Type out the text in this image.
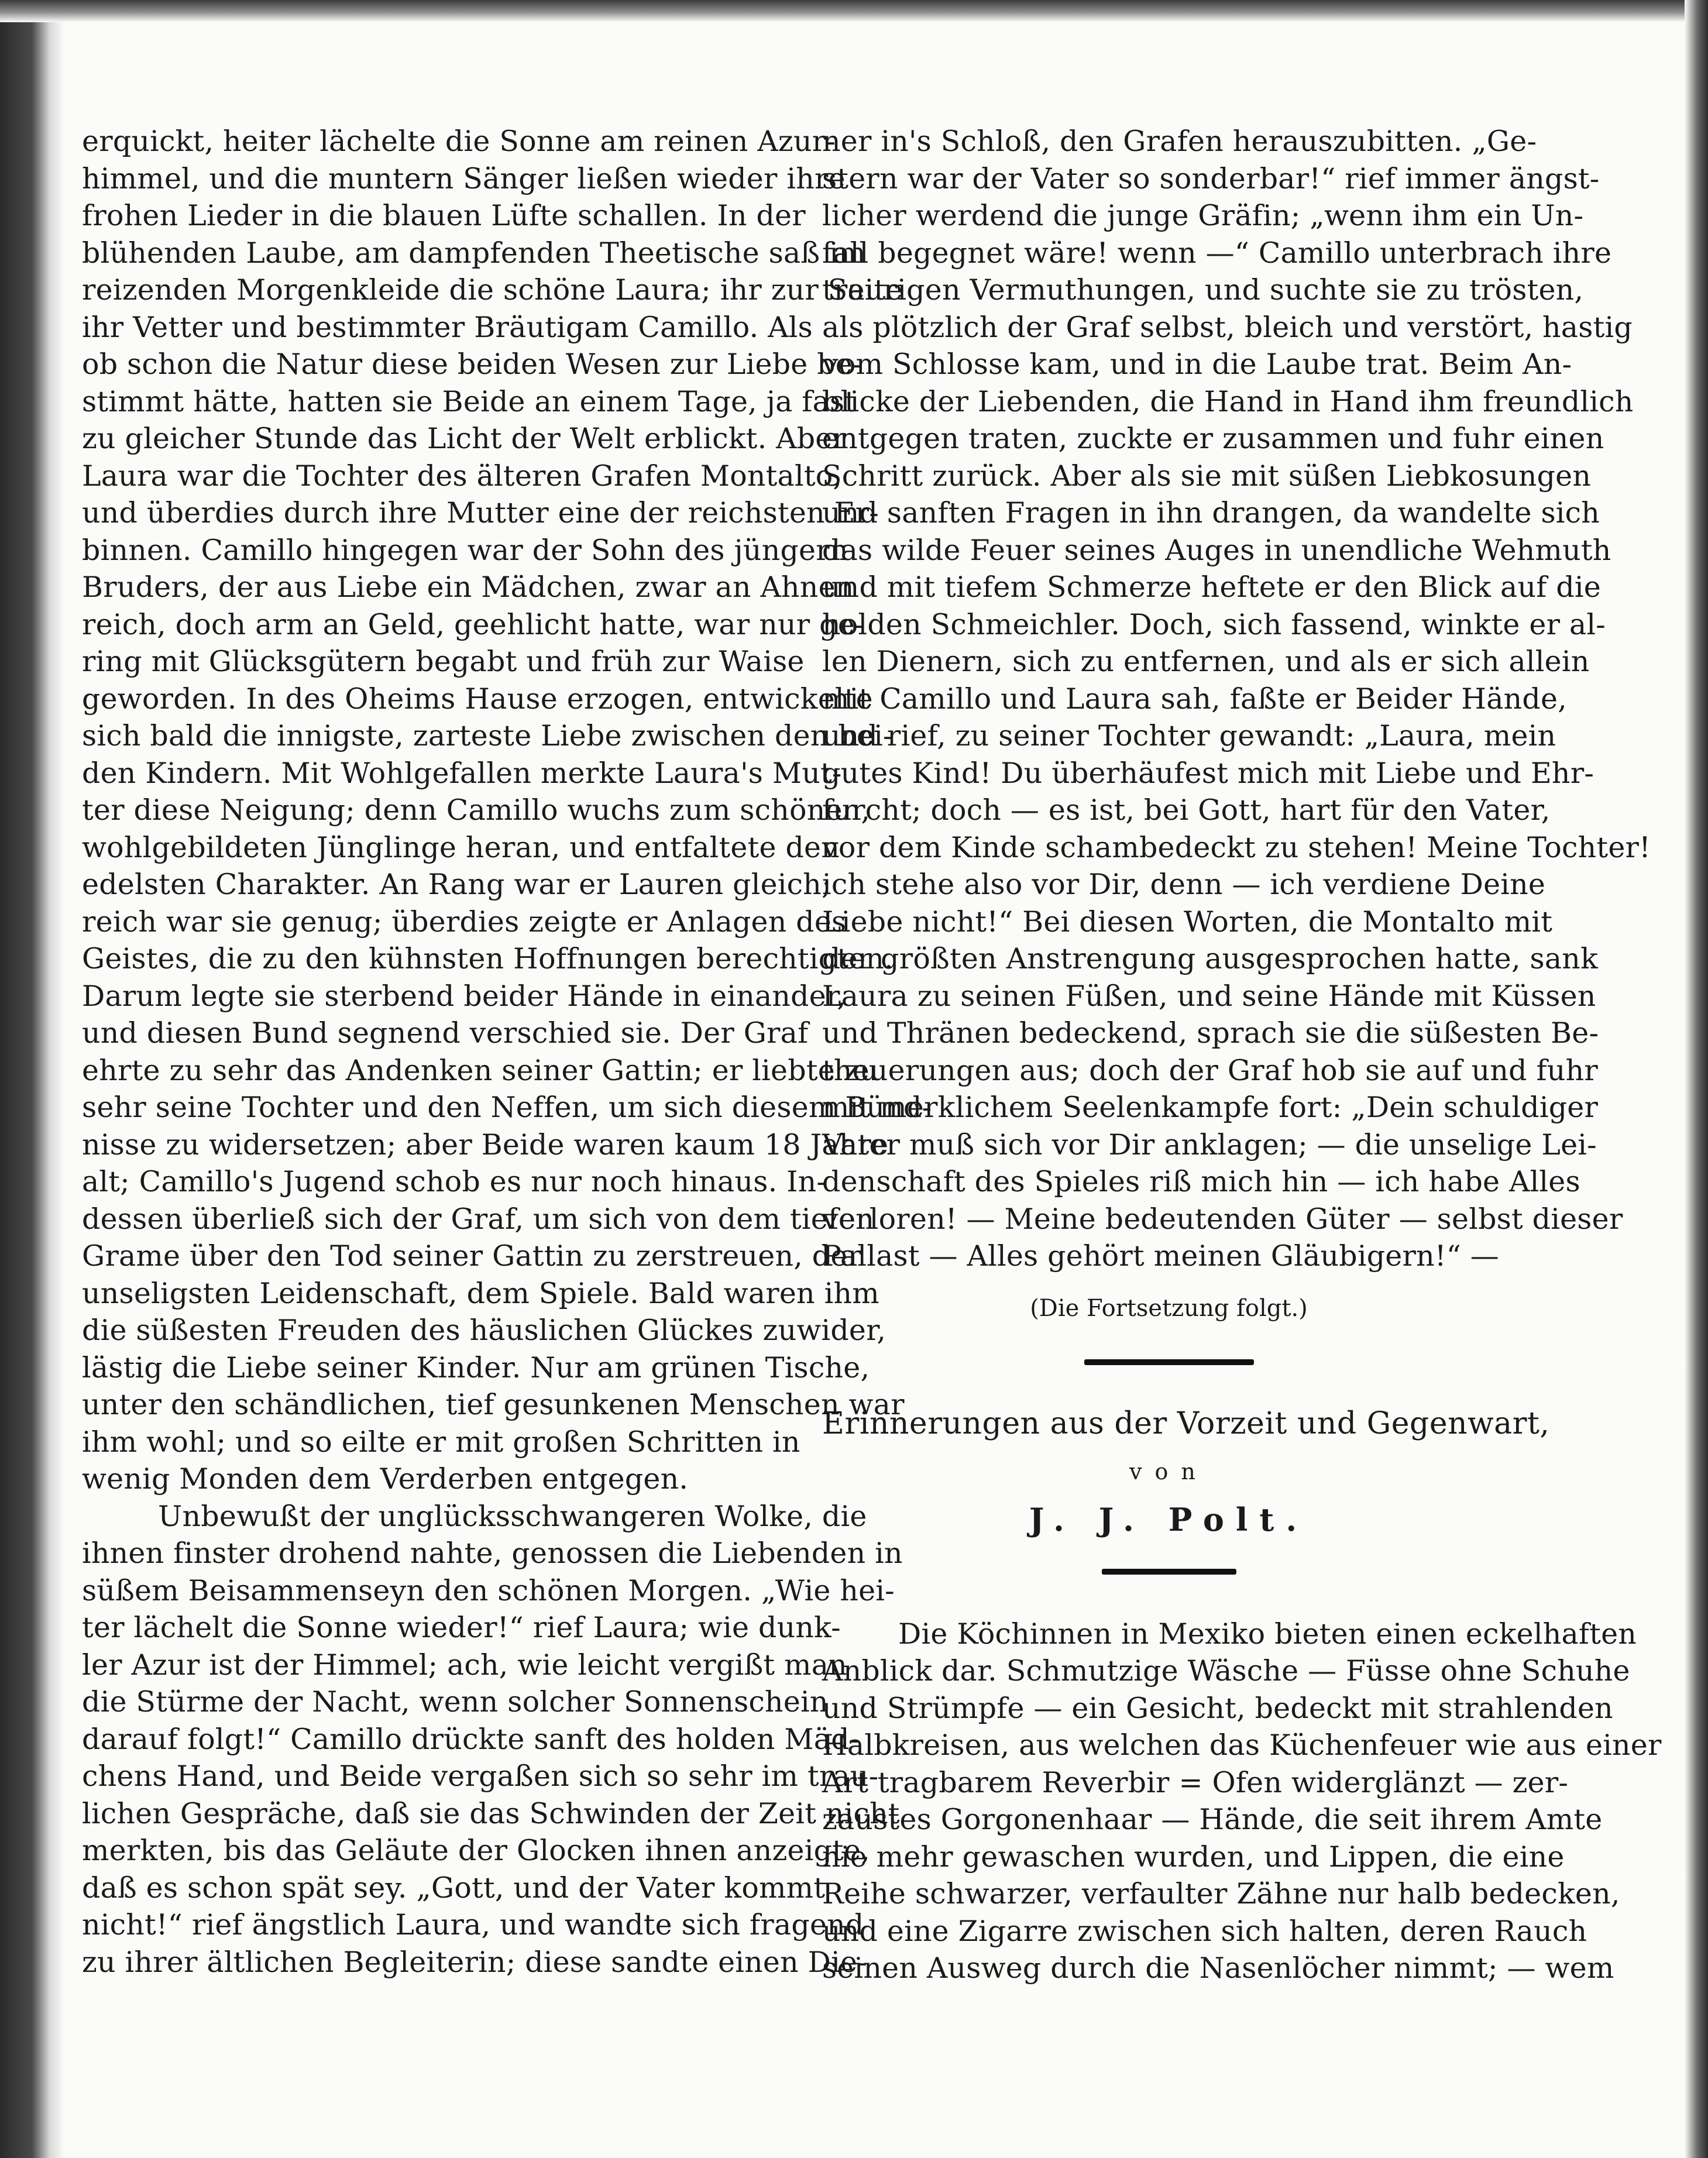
erquickt, heiter lächelte die Sonne am reinen Azur-
himmel, und die muntern Sänger ließen wieder ihre
frohen Lieder in die blauen Lüfte schallen. In der
blühenden Laube, am dampfenden Theetische saß im
reizenden Morgenkleide die schöne Laura; ihr zur Seite
ihr Vetter und bestimmter Bräutigam Camillo. Als
ob schon die Natur diese beiden Wesen zur Liebe be-
stimmt hätte, hatten sie Beide an einem Tage, ja fast
zu gleicher Stunde das Licht der Welt erblickt. Aber
Laura war die Tochter des älteren Grafen Montalto,
und überdies durch ihre Mutter eine der reichsten Er-
binnen. Camillo hingegen war der Sohn des jüngern
Bruders, der aus Liebe ein Mädchen, zwar an Ahnen
reich, doch arm an Geld, geehlicht hatte, war nur ge-
ring mit Glücksgütern begabt und früh zur Waise
geworden. In des Oheims Hause erzogen, entwickelte
sich bald die innigste, zarteste Liebe zwischen den bei-
den Kindern. Mit Wohlgefallen merkte Laura's Mut-
ter diese Neigung; denn Camillo wuchs zum schönen,
wohlgebildeten Jünglinge heran, und entfaltete den
edelsten Charakter. An Rang war er Lauren gleich;
reich war sie genug; überdies zeigte er Anlagen des
Geistes, die zu den kühnsten Hoffnungen berechtigten.
Darum legte sie sterbend beider Hände in einander,
und diesen Bund segnend verschied sie. Der Graf
ehrte zu sehr das Andenken seiner Gattin; er liebte zu
sehr seine Tochter und den Neffen, um sich diesem Bünd-
nisse zu widersetzen; aber Beide waren kaum 18 Jahre
alt; Camillo's Jugend schob es nur noch hinaus. In-
dessen überließ sich der Graf, um sich von dem tiefen
Grame über den Tod seiner Gattin zu zerstreuen, der
unseligsten Leidenschaft, dem Spiele. Bald waren ihm
die süßesten Freuden des häuslichen Glückes zuwider,
lästig die Liebe seiner Kinder. Nur am grünen Tische,
unter den schändlichen, tief gesunkenen Menschen war
ihm wohl; und so eilte er mit großen Schritten in
wenig Monden dem Verderben entgegen.
Unbewußt der unglücksschwangeren Wolke, die
ihnen finster drohend nahte, genossen die Liebenden in
süßem Beisammenseyn den schönen Morgen. „Wie hei-
ter lächelt die Sonne wieder!“ rief Laura; wie dunk-
ler Azur ist der Himmel; ach, wie leicht vergißt man
die Stürme der Nacht, wenn solcher Sonnenschein
darauf folgt!“ Camillo drückte sanft des holden Mäd-
chens Hand, und Beide vergaßen sich so sehr im trau-
lichen Gespräche, daß sie das Schwinden der Zeit nicht
merkten, bis das Geläute der Glocken ihnen anzeigte,
daß es schon spät sey. „Gott, und der Vater kommt
nicht!“ rief ängstlich Laura, und wandte sich fragend
zu ihrer ältlichen Begleiterin; diese sandte einen Die-
ner in's Schloß, den Grafen herauszubitten. „Ge-
stern war der Vater so sonderbar!“ rief immer ängst-
licher werdend die junge Gräfin; „wenn ihm ein Un-
fall begegnet wäre! wenn —“ Camillo unterbrach ihre
traurigen Vermuthungen, und suchte sie zu trösten,
als plötzlich der Graf selbst, bleich und verstört, hastig
vom Schlosse kam, und in die Laube trat. Beim An-
blicke der Liebenden, die Hand in Hand ihm freundlich
entgegen traten, zuckte er zusammen und fuhr einen
Schritt zurück. Aber als sie mit süßen Liebkosungen
und sanften Fragen in ihn drangen, da wandelte sich
das wilde Feuer seines Auges in unendliche Wehmuth
und mit tiefem Schmerze heftete er den Blick auf die
holden Schmeichler. Doch, sich fassend, winkte er al-
len Dienern, sich zu entfernen, und als er sich allein
mit Camillo und Laura sah, faßte er Beider Hände,
und rief, zu seiner Tochter gewandt: „Laura, mein
gutes Kind! Du überhäufest mich mit Liebe und Ehr-
furcht; doch — es ist, bei Gott, hart für den Vater,
vor dem Kinde schambedeckt zu stehen! Meine Tochter!
ich stehe also vor Dir, denn — ich verdiene Deine
Liebe nicht!“ Bei diesen Worten, die Montalto mit
der größten Anstrengung ausgesprochen hatte, sank
Laura zu seinen Füßen, und seine Hände mit Küssen
und Thränen bedeckend, sprach sie die süßesten Be-
theuerungen aus; doch der Graf hob sie auf und fuhr
mit merklichem Seelenkampfe fort: „Dein schuldiger
Vater muß sich vor Dir anklagen; — die unselige Lei-
denschaft des Spieles riß mich hin — ich habe Alles
verloren! — Meine bedeutenden Güter — selbst dieser
Pallast — Alles gehört meinen Gläubigern!“ —
(Die Fortsetzung folgt.)
Erinnerungen aus der Vorzeit und Gegenwart,
von
J. J. Polt.
Die Köchinnen in Mexiko bieten einen eckelhaften
Anblick dar. Schmutzige Wäsche — Füsse ohne Schuhe
und Strümpfe — ein Gesicht, bedeckt mit strahlenden
Halbkreisen, aus welchen das Küchenfeuer wie aus einer
Art tragbarem Reverbir = Ofen widerglänzt — zer-
zaustes Gorgonenhaar — Hände, die seit ihrem Amte
nie mehr gewaschen wurden, und Lippen, die eine
Reihe schwarzer, verfaulter Zähne nur halb bedecken,
und eine Zigarre zwischen sich halten, deren Rauch
seinen Ausweg durch die Nasenlöcher nimmt; — wem
